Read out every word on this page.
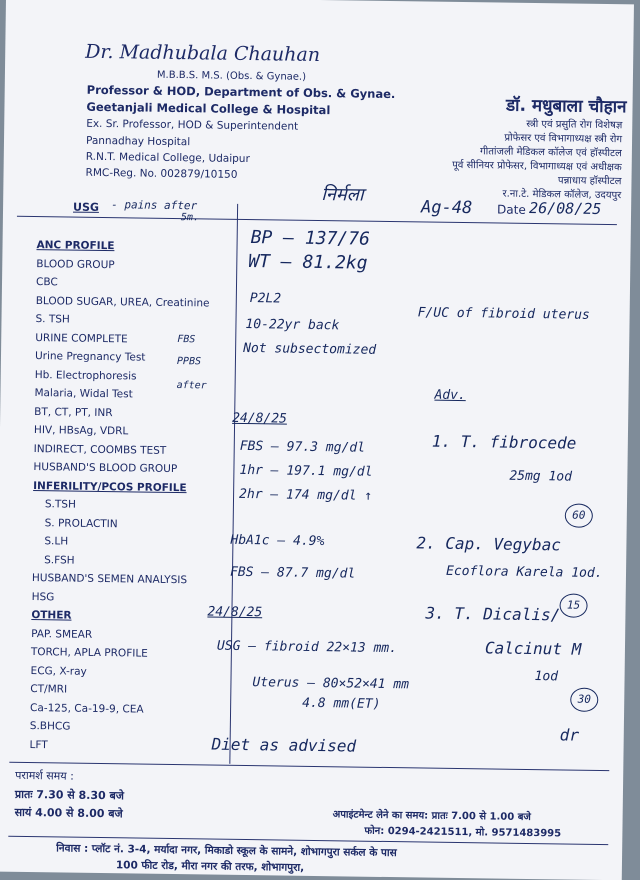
Dr. Madhubala Chauhan
M.B.B.S. M.S. (Obs. & Gynae.)
Professor & HOD, Department of Obs. & Gynae.
Geetanjali Medical College & Hospital
Ex. Sr. Professor, HOD & Superintendent
Pannadhay Hospital
R.N.T. Medical College, Udaipur
RMC-Reg. No. 002879/10150
डॉ. मधुबाला चौहान
स्त्री एवं प्रसुति रोग विशेषज्ञ
प्रोफेसर एवं विभागाध्यक्ष स्त्री रोग
गीतांजली मेडिकल कॉलेज एवं हॉस्पीटल
पूर्व सीनियर प्रोफेसर, विभागाध्यक्ष एवं अधीक्षक
पन्नाधाय हॉस्पीटल
र.ना.टे. मेडिकल कॉलेज, उदयपुर
निर्मला
Ag-48 Date 26/08/25
USG - pains after
5m.
ANC PROFILE
BLOOD GROUP
CBC
BLOOD SUGAR, UREA, Creatinine
S. TSH
URINE COMPLETE
Urine Pregnancy Test
Hb. Electrophoresis
Malaria, Widal Test
BT, CT, PT, INR
HIV, HBsAg, VDRL
INDIRECT, COOMBS TEST
HUSBAND'S BLOOD GROUP
INFERILITY/PCOS PROFILE
S.TSH
S. PROLACTIN
S.LH
S.FSH
HUSBAND'S SEMEN ANALYSIS
HSG
OTHER
PAP. SMEAR
TORCH, APLA PROFILE
ECG, X-ray
CT/MRI
Ca-125, Ca-19-9, CEA
S.BHCG
LFT
FBS
PPBS
after
BP – 137/76
WT – 81.2kg
P2L2
10-22yr back
Not subsectomized
24/8/25
FBS – 97.3 mg/dl
1hr – 197.1 mg/dl
2hr – 174 mg/dl ↑
HbA1c – 4.9%
FBS – 87.7 mg/dl
24/8/25
USG – fibroid 22×13 mm.
Uterus – 80×52×41 mm
4.8 mm(ET)
Diet as advised
F/UC of fibroid uterus
Adv.
1. T. fibrocede
25mg 1od
60
2. Cap. Vegybac
Ecoflora Karela 1od.
15
3. T. Dicalis/
Calcinut M
1od
30
dr
परामर्श समय :
प्रातः 7.30 से 8.30 बजे
सायं 4.00 से 8.00 बजे	अपाइंटमेन्ट लेने का समय: प्रातः 7.00 से 1.00 बजे
फोन: 0294-2421511, मो. 9571483995
निवास : प्लॉट नं. 3-4, मर्यादा नगर, मिकाडो स्कूल के सामने, शोभागपुरा सर्कल के पास
100 फीट रोड, मीरा नगर की तरफ, शोभागपुरा,
